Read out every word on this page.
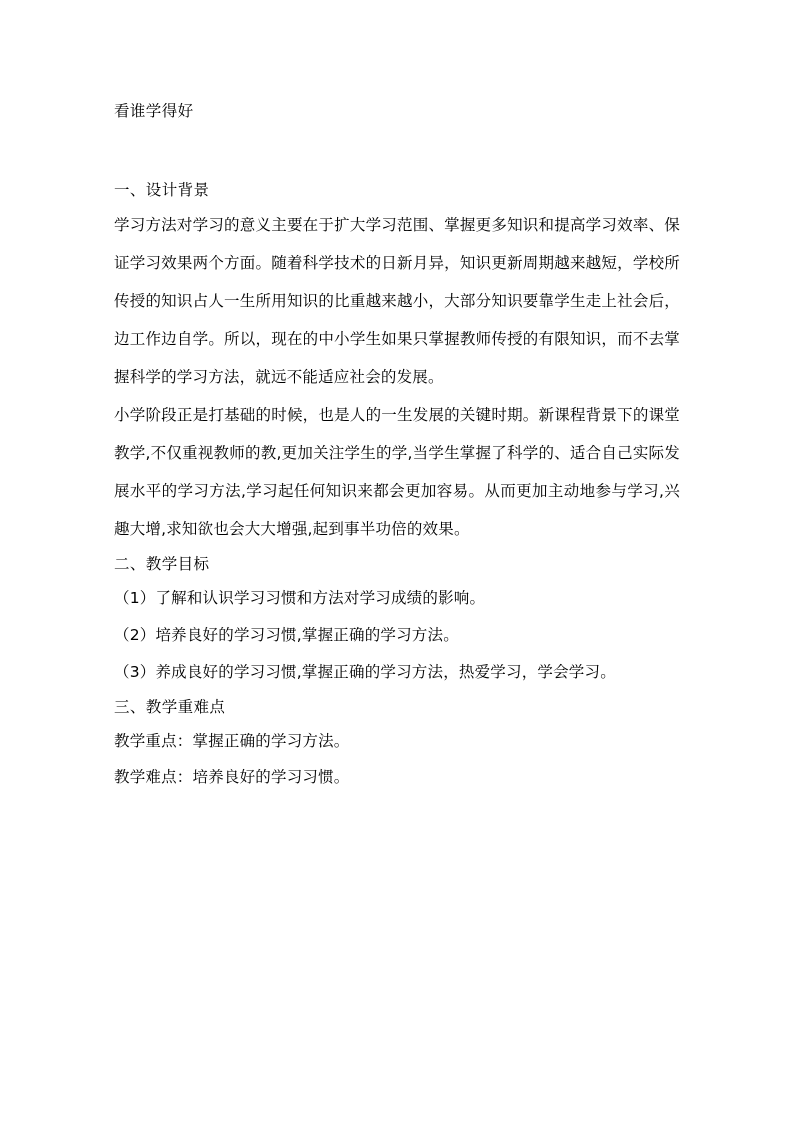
看谁学得好

一、设计背景

学习方法对学习的意义主要在于扩大学习范围、掌握更多知识和提高学习效率、保证学习效果两个方面。随着科学技术的日新月异，知识更新周期越来越短，学校所传授的知识占人一生所用知识的比重越来越小，大部分知识要靠学生走上社会后，边工作边自学。所以，现在的中小学生如果只掌握教师传授的有限知识，而不去掌握科学的学习方法，就远不能适应社会的发展。

小学阶段正是打基础的时候，也是人的一生发展的关键时期。新课程背景下的课堂教学,不仅重视教师的教,更加关注学生的学,当学生掌握了科学的、适合自己实际发展水平的学习方法,学习起任何知识来都会更加容易。从而更加主动地参与学习,兴趣大增,求知欲也会大大增强,起到事半功倍的效果。

二、教学目标

（1）了解和认识学习习惯和方法对学习成绩的影响。

（2）培养良好的学习习惯,掌握正确的学习方法。

（3）养成良好的学习习惯,掌握正确的学习方法，热爱学习，学会学习。

三、教学重难点

教学重点：掌握正确的学习方法。

教学难点：培养良好的学习习惯。
